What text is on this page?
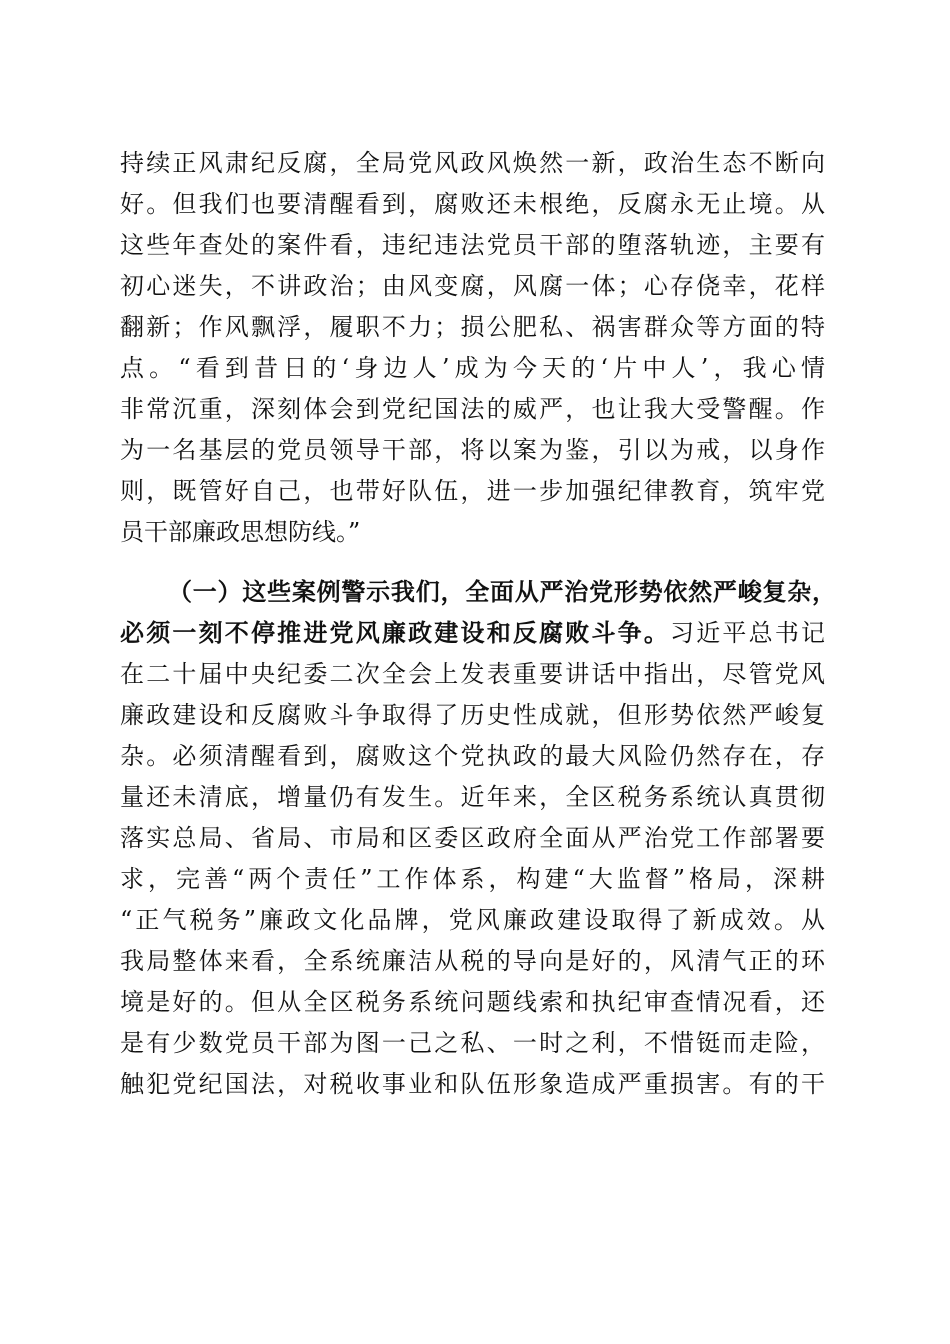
持续正风肃纪反腐，全局党风政风焕然一新，政治生态不断向
好。但我们也要清醒看到，腐败还未根绝，反腐永无止境。从
这些年查处的案件看，违纪违法党员干部的堕落轨迹，主要有
初心迷失，不讲政治；由风变腐，风腐一体；心存侥幸，花样
翻新；作风飘浮，履职不力；损公肥私、祸害群众等方面的特
点。“看到昔日的‘身边人’成为今天的‘片中人’，我心情
非常沉重，深刻体会到党纪国法的威严，也让我大受警醒。作
为一名基层的党员领导干部，将以案为鉴，引以为戒，以身作
则，既管好自己，也带好队伍，进一步加强纪律教育，筑牢党
员干部廉政思想防线。”
（一）这些案例警示我们，全面从严治党形势依然严峻复杂，
必须一刻不停推进党风廉政建设和反腐败斗争。习近平总书记
在二十届中央纪委二次全会上发表重要讲话中指出，尽管党风
廉政建设和反腐败斗争取得了历史性成就，但形势依然严峻复
杂。必须清醒看到，腐败这个党执政的最大风险仍然存在，存
量还未清底，增量仍有发生。近年来，全区税务系统认真贯彻
落实总局、省局、市局和区委区政府全面从严治党工作部署要
求，完善“两个责任”工作体系，构建“大监督”格局，深耕
“正气税务”廉政文化品牌，党风廉政建设取得了新成效。从
我局整体来看，全系统廉洁从税的导向是好的，风清气正的环
境是好的。但从全区税务系统问题线索和执纪审查情况看，还
是有少数党员干部为图一己之私、一时之利，不惜铤而走险，
触犯党纪国法，对税收事业和队伍形象造成严重损害。有的干
